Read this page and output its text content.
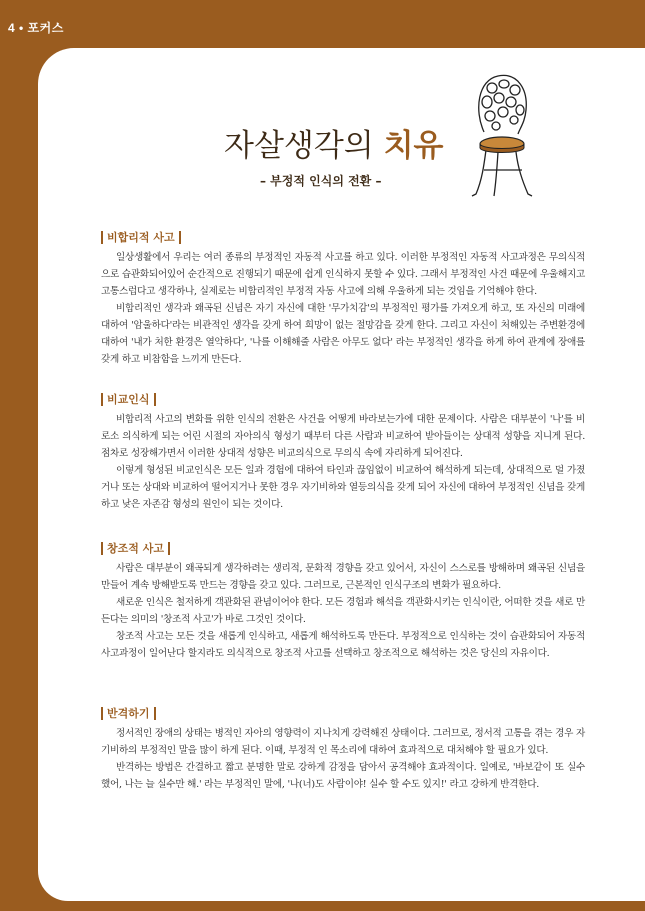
4 • 포커스
자살생각의 치유
– 부정적 인식의 전환 –
비합리적 사고

일상생활에서 우리는 여러 종류의 부정적인 자동적 사고를 하고 있다. 이러한 부정적인 자동적 사고과정은 무의식적으로 습관화되어있어 순간적으로 진행되기 때문에 쉽게 인식하지 못할 수 있다. 그래서 부정적인 사건 때문에 우울해지고 고통스럽다고 생각하나, 실제로는 비합리적인 부정적 자동 사고에 의해 우울하게 되는 것임을 기억해야 한다.

비합리적인 생각과 왜곡된 신념은 자기 자신에 대한 '무가치감'의 부정적인 평가를 가져오게 하고, 또 자신의 미래에 대하여 '암울하다'라는 비관적인 생각을 갖게 하여 희망이 없는 절망감을 갖게 한다. 그리고 자신이 처해있는 주변환경에 대하여 '내가 처한 환경은 열악하다', '나를 이해해줄 사람은 아무도 없다' 라는 부정적인 생각을 하게 하여 관계에 장애를 갖게 하고 비참함을 느끼게 만든다.

비교인식

비합리적 사고의 변화를 위한 인식의 전환은 사건을 어떻게 바라보는가에 대한 문제이다. 사람은 대부분이 '나'를 비로소 의식하게 되는 어린 시절의 자아의식 형성기 때부터 다른 사람과 비교하여 받아들이는 상대적 성향을 지니게 된다. 점차로 성장해가면서 이러한 상대적 성향은 비교의식으로 무의식 속에 자리하게 되어진다.

이렇게 형성된 비교인식은 모든 일과 경험에 대하여 타인과 끊임없이 비교하여 해석하게 되는데, 상대적으로 덜 가졌거나 또는 상대와 비교하여 떨어지거나 못한 경우 자기비하와 열등의식을 갖게 되어 자신에 대하여 부정적인 신념을 갖게 하고 낮은 자존감 형성의 원인이 되는 것이다.

창조적 사고

사람은 대부분이 왜곡되게 생각하려는 생리적, 문화적 경향을 갖고 있어서, 자신이 스스로를 방해하며 왜곡된 신념을 만들어 계속 방해받도록 만드는 경향을 갖고 있다. 그러므로, 근본적인 인식구조의 변화가 필요하다.

새로운 인식은 철저하게 객관화된 관념이어야 한다. 모든 경험과 해석을 객관화시키는 인식이란, 어떠한 것을 새로 만든다는 의미의 '창조적 사고'가 바로 그것인 것이다.

창조적 사고는 모든 것을 새롭게 인식하고, 새롭게 해석하도록 만든다. 부정적으로 인식하는 것이 습관화되어 자동적 사고과정이 일어난다 할지라도 의식적으로 창조적 사고를 선택하고 창조적으로 해석하는 것은 당신의 자유이다.

반격하기

정서적인 장애의 상태는 병적인 자아의 영향력이 지나치게 강력해진 상태이다. 그러므로, 정서적 고통을 겪는 경우 자기비하의 부정적인 말을 많이 하게 된다. 이때, 부정적 인 목소리에 대하여 효과적으로 대처해야 할 필요가 있다.

반격하는 방법은 간결하고 짧고 분명한 말로 강하게 감정을 담아서 공격해야 효과적이다. 일예로, '바보같이 또 실수했어, 나는 늘 실수만 해.' 라는 부정적인 말에, '나(너)도 사람이야! 실수 할 수도 있지!' 라고 강하게 반격한다.
